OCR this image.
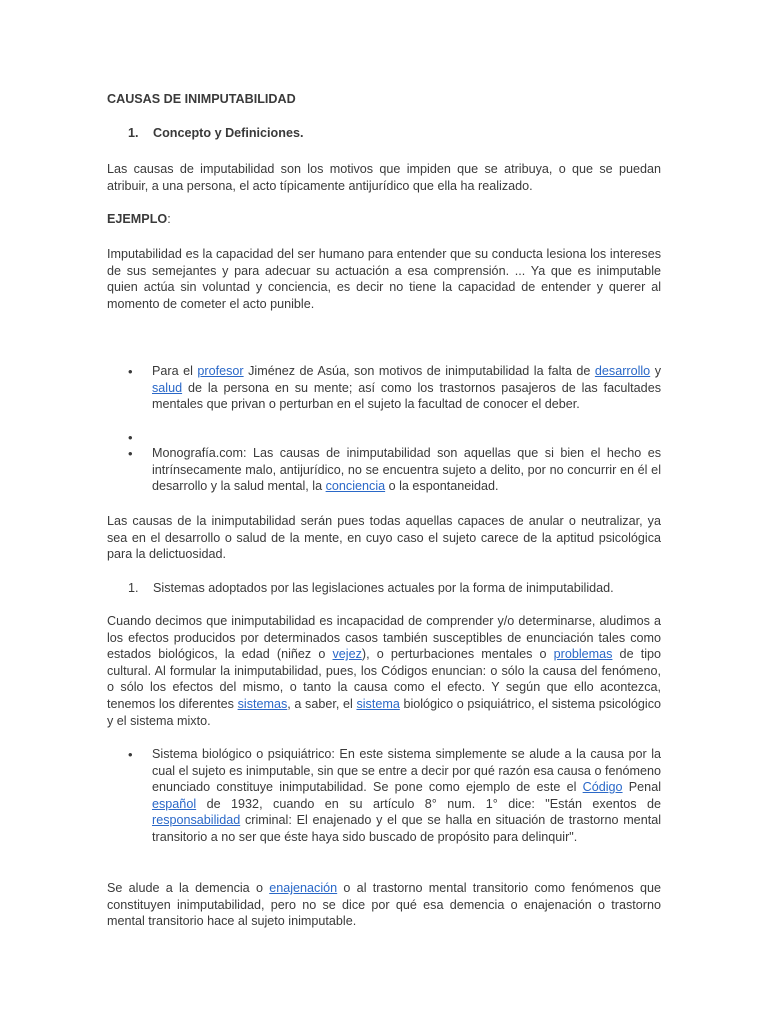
CAUSAS DE INIMPUTABILIDAD

1. Concepto y Definiciones.

Las causas de imputabilidad son los motivos que impiden que se atribuya, o que se puedan atribuir, a una persona, el acto típicamente antijurídico que ella ha realizado.

EJEMPLO:

Imputabilidad es la capacidad del ser humano para entender que su conducta lesiona los intereses de sus semejantes y para adecuar su actuación a esa comprensión. ... Ya que es inimputable quien actúa sin voluntad y conciencia, es decir no tiene la capacidad de entender y querer al momento de cometer el acto punible.

• Para el profesor Jiménez de Asúa, son motivos de inimputabilidad la falta de desarrollo y salud de la persona en su mente; así como los trastornos pasajeros de las facultades mentales que privan o perturban en el sujeto la facultad de conocer el deber.

•
• Monografía.com: Las causas de inimputabilidad son aquellas que si bien el hecho es intrínsecamente malo, antijurídico, no se encuentra sujeto a delito, por no concurrir en él el desarrollo y la salud mental, la conciencia o la espontaneidad.

Las causas de la inimputabilidad serán pues todas aquellas capaces de anular o neutralizar, ya sea en el desarrollo o salud de la mente, en cuyo caso el sujeto carece de la aptitud psicológica para la delictuosidad.

1. Sistemas adoptados por las legislaciones actuales por la forma de inimputabilidad.

Cuando decimos que inimputabilidad es incapacidad de comprender y/o determinarse, aludimos a los efectos producidos por determinados casos también susceptibles de enunciación tales como estados biológicos, la edad (niñez o vejez), o perturbaciones mentales o problemas de tipo cultural. Al formular la inimputabilidad, pues, los Códigos enuncian: o sólo la causa del fenómeno, o sólo los efectos del mismo, o tanto la causa como el efecto. Y según que ello acontezca, tenemos los diferentes sistemas, a saber, el sistema biológico o psiquiátrico, el sistema psicológico y el sistema mixto.

• Sistema biológico o psiquiátrico: En este sistema simplemente se alude a la causa por la cual el sujeto es inimputable, sin que se entre a decir por qué razón esa causa o fenómeno enunciado constituye inimputabilidad. Se pone como ejemplo de este el Código Penal español de 1932, cuando en su artículo 8° num. 1° dice: "Están exentos de responsabilidad criminal: El enajenado y el que se halla en situación de trastorno mental transitorio a no ser que éste haya sido buscado de propósito para delinquir".

Se alude a la demencia o enajenación o al trastorno mental transitorio como fenómenos que constituyen inimputabilidad, pero no se dice por qué esa demencia o enajenación o trastorno mental transitorio hace al sujeto inimputable.
